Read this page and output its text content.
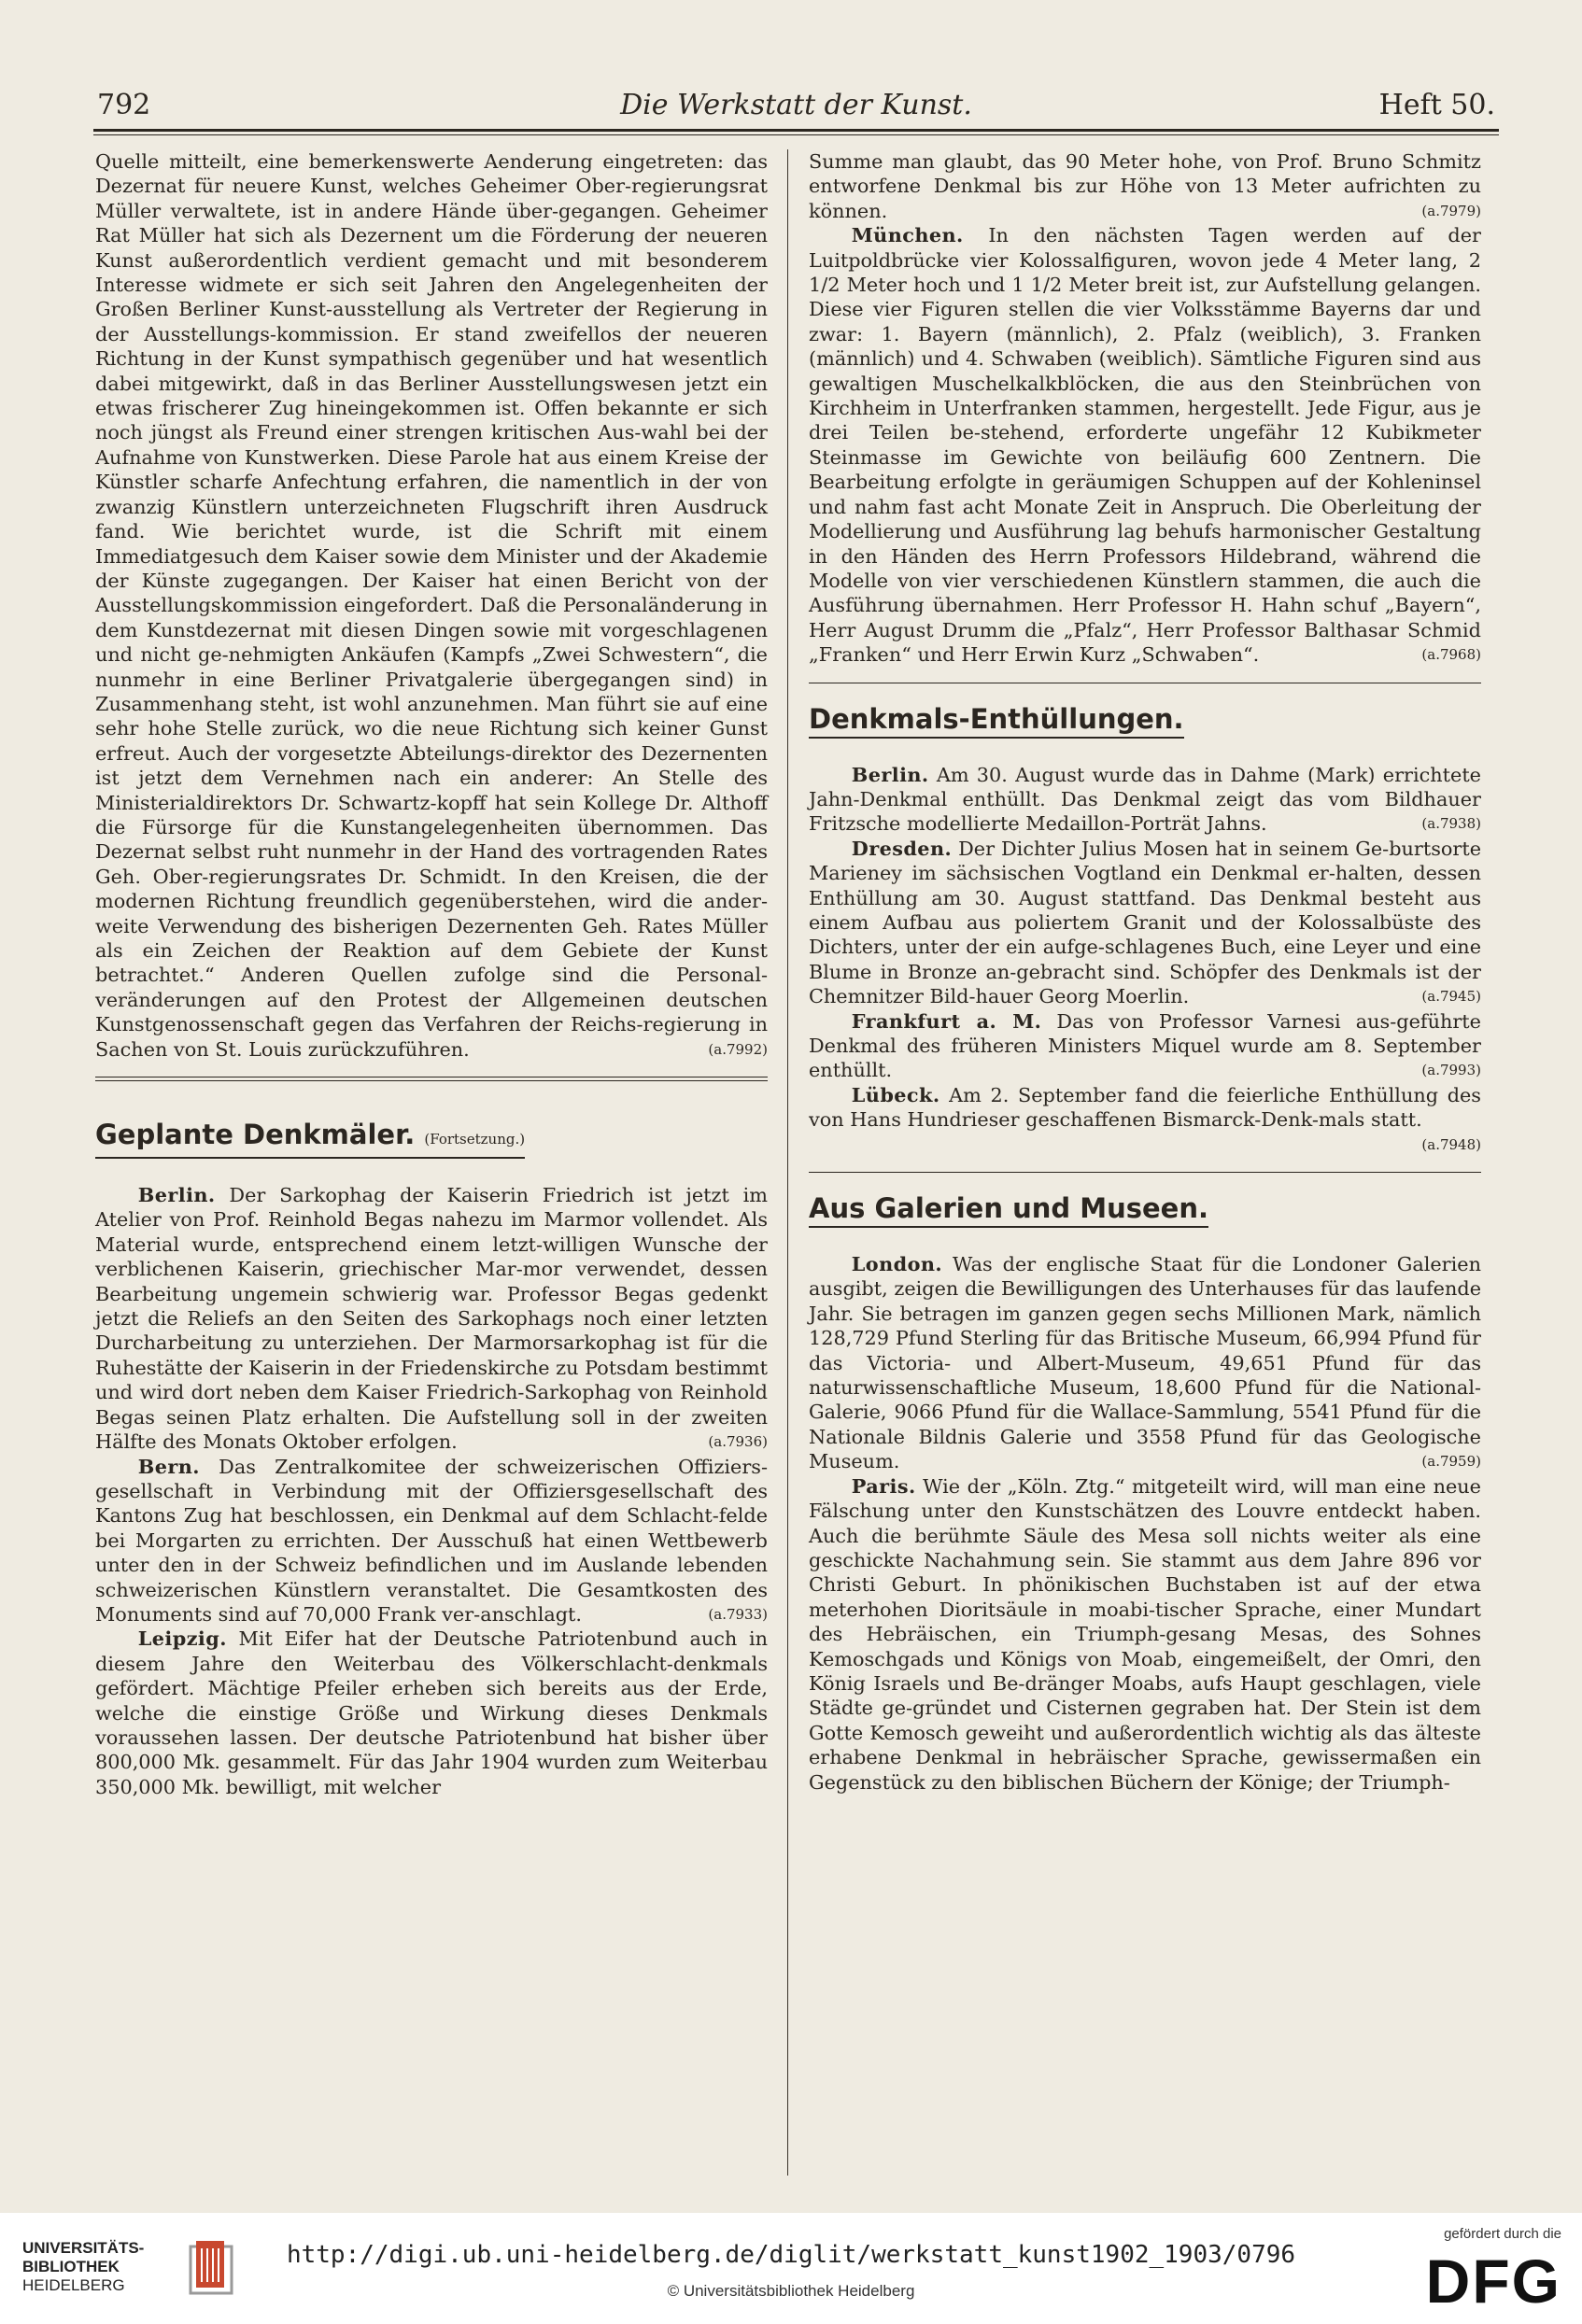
792	Die Werkstatt der Kunst.	Heft 50.

Quelle mitteilt, eine bemerkenswerte Aenderung eingetreten: das Dezernat für neuere Kunst, welches Geheimer Ober-regierungsrat Müller verwaltete, ist in andere Hände über-gegangen. Geheimer Rat Müller hat sich als Dezernent um die Förderung der neueren Kunst außerordentlich verdient gemacht und mit besonderem Interesse widmete er sich seit Jahren den Angelegenheiten der Großen Berliner Kunst-ausstellung als Vertreter der Regierung in der Ausstellungs-kommission. Er stand zweifellos der neueren Richtung in der Kunst sympathisch gegenüber und hat wesentlich dabei mitgewirkt, daß in das Berliner Ausstellungswesen jetzt ein etwas frischerer Zug hineingekommen ist. Offen bekannte er sich noch jüngst als Freund einer strengen kritischen Aus-wahl bei der Aufnahme von Kunstwerken. Diese Parole hat aus einem Kreise der Künstler scharfe Anfechtung erfahren, die namentlich in der von zwanzig Künstlern unterzeichneten Flugschrift ihren Ausdruck fand. Wie berichtet wurde, ist die Schrift mit einem Immediatgesuch dem Kaiser sowie dem Minister und der Akademie der Künste zugegangen. Der Kaiser hat einen Bericht von der Ausstellungskommission eingefordert. Daß die Personaländerung in dem Kunstdezernat mit diesen Dingen sowie mit vorgeschlagenen und nicht ge-nehmigten Ankäufen (Kampfs „Zwei Schwestern“, die nunmehr in eine Berliner Privatgalerie übergegangen sind) in Zusammenhang steht, ist wohl anzunehmen. Man führt sie auf eine sehr hohe Stelle zurück, wo die neue Richtung sich keiner Gunst erfreut. Auch der vorgesetzte Abteilungs-direktor des Dezernenten ist jetzt dem Vernehmen nach ein anderer: An Stelle des Ministerialdirektors Dr. Schwartz-kopff hat sein Kollege Dr. Althoff die Fürsorge für die Kunstangelegenheiten übernommen. Das Dezernat selbst ruht nunmehr in der Hand des vortragenden Rates Geh. Ober-regierungsrates Dr. Schmidt. In den Kreisen, die der modernen Richtung freundlich gegenüberstehen, wird die ander-weite Verwendung des bisherigen Dezernenten Geh. Rates Müller als ein Zeichen der Reaktion auf dem Gebiete der Kunst betrachtet.“ Anderen Quellen zufolge sind die Personal-veränderungen auf den Protest der Allgemeinen deutschen Kunstgenossenschaft gegen das Verfahren der Reichs-regierung in Sachen von St. Louis zurückzuführen.	(a.7992)

Geplante Denkmäler. (Fortsetzung.)

Berlin. Der Sarkophag der Kaiserin Friedrich ist jetzt im Atelier von Prof. Reinhold Begas nahezu im Marmor vollendet. Als Material wurde, entsprechend einem letzt-willigen Wunsche der verblichenen Kaiserin, griechischer Mar-mor verwendet, dessen Bearbeitung ungemein schwierig war. Professor Begas gedenkt jetzt die Reliefs an den Seiten des Sarkophags noch einer letzten Durcharbeitung zu unterziehen. Der Marmorsarkophag ist für die Ruhestätte der Kaiserin in der Friedenskirche zu Potsdam bestimmt und wird dort neben dem Kaiser Friedrich-Sarkophag von Reinhold Begas seinen Platz erhalten. Die Aufstellung soll in der zweiten Hälfte des Monats Oktober erfolgen.	(a.7936)

Bern. Das Zentralkomitee der schweizerischen Offiziers-gesellschaft in Verbindung mit der Offiziersgesellschaft des Kantons Zug hat beschlossen, ein Denkmal auf dem Schlacht-felde bei Morgarten zu errichten. Der Ausschuß hat einen Wettbewerb unter den in der Schweiz befindlichen und im Auslande lebenden schweizerischen Künstlern veranstaltet. Die Gesamtkosten des Monuments sind auf 70,000 Frank ver-anschlagt.	(a.7933)

Leipzig. Mit Eifer hat der Deutsche Patriotenbund auch in diesem Jahre den Weiterbau des Völkerschlacht-denkmals gefördert. Mächtige Pfeiler erheben sich bereits aus der Erde, welche die einstige Größe und Wirkung dieses Denkmals voraussehen lassen. Der deutsche Patriotenbund hat bisher über 800,000 Mk. gesammelt. Für das Jahr 1904 wurden zum Weiterbau 350,000 Mk. bewilligt, mit welcher

Summe man glaubt, das 90 Meter hohe, von Prof. Bruno Schmitz entworfene Denkmal bis zur Höhe von 13 Meter aufrichten zu können.	(a.7979)

München. In den nächsten Tagen werden auf der Luitpoldbrücke vier Kolossalfiguren, wovon jede 4 Meter lang, 2 1/2 Meter hoch und 1 1/2 Meter breit ist, zur Aufstellung gelangen. Diese vier Figuren stellen die vier Volksstämme Bayerns dar und zwar: 1. Bayern (männlich), 2. Pfalz (weiblich), 3. Franken (männlich) und 4. Schwaben (weiblich). Sämtliche Figuren sind aus gewaltigen Muschelkalkblöcken, die aus den Steinbrüchen von Kirchheim in Unterfranken stammen, hergestellt. Jede Figur, aus je drei Teilen be-stehend, erforderte ungefähr 12 Kubikmeter Steinmasse im Gewichte von beiläufig 600 Zentnern. Die Bearbeitung erfolgte in geräumigen Schuppen auf der Kohleninsel und nahm fast acht Monate Zeit in Anspruch. Die Oberleitung der Modellierung und Ausführung lag behufs harmonischer Gestaltung in den Händen des Herrn Professors Hildebrand, während die Modelle von vier verschiedenen Künstlern stammen, die auch die Ausführung übernahmen. Herr Professor H. Hahn schuf „Bayern“, Herr August Drumm die „Pfalz“, Herr Professor Balthasar Schmid „Franken“ und Herr Erwin Kurz „Schwaben“.	(a.7968)

Denkmals-Enthüllungen.

Berlin. Am 30. August wurde das in Dahme (Mark) errichtete Jahn-Denkmal enthüllt. Das Denkmal zeigt das vom Bildhauer Fritzsche modellierte Medaillon-Porträt Jahns.	(a.7938)

Dresden. Der Dichter Julius Mosen hat in seinem Ge-burtsorte Marieney im sächsischen Vogtland ein Denkmal er-halten, dessen Enthüllung am 30. August stattfand. Das Denkmal besteht aus einem Aufbau aus poliertem Granit und der Kolossalbüste des Dichters, unter der ein aufge-schlagenes Buch, eine Leyer und eine Blume in Bronze an-gebracht sind. Schöpfer des Denkmals ist der Chemnitzer Bild-hauer Georg Moerlin.	(a.7945)

Frankfurt a. M. Das von Professor Varnesi aus-geführte Denkmal des früheren Ministers Miquel wurde am 8. September enthüllt.	(a.7993)

Lübeck. Am 2. September fand die feierliche Enthüllung des von Hans Hundrieser geschaffenen Bismarck-Denk-mals statt.
(a.7948)

Aus Galerien und Museen.

London. Was der englische Staat für die Londoner Galerien ausgibt, zeigen die Bewilligungen des Unterhauses für das laufende Jahr. Sie betragen im ganzen gegen sechs Millionen Mark, nämlich 128,729 Pfund Sterling für das Britische Museum, 66,994 Pfund für das Victoria- und Albert-Museum, 49,651 Pfund für das naturwissenschaftliche Museum, 18,600 Pfund für die National-Galerie, 9066 Pfund für die Wallace-Sammlung, 5541 Pfund für die Nationale Bildnis Galerie und 3558 Pfund für das Geologische Museum.	(a.7959)

Paris. Wie der „Köln. Ztg.“ mitgeteilt wird, will man eine neue Fälschung unter den Kunstschätzen des Louvre entdeckt haben. Auch die berühmte Säule des Mesa soll nichts weiter als eine geschickte Nachahmung sein. Sie stammt aus dem Jahre 896 vor Christi Geburt. In phönikischen Buchstaben ist auf der etwa meterhohen Dioritsäule in moabi-tischer Sprache, einer Mundart des Hebräischen, ein Triumph-gesang Mesas, des Sohnes Kemoschgads und Königs von Moab, eingemeißelt, der Omri, den König Israels und Be-dränger Moabs, aufs Haupt geschlagen, viele Städte ge-gründet und Cisternen gegraben hat. Der Stein ist dem Gotte Kemosch geweiht und außerordentlich wichtig als das älteste erhabene Denkmal in hebräischer Sprache, gewissermaßen ein Gegenstück zu den biblischen Büchern der Könige; der Triumph-

UNIVERSITÄTS-
BIBLIOTHEK
HEIDELBERG
http://digi.ub.uni-heidelberg.de/diglit/werkstatt_kunst1902_1903/0796
© Universitätsbibliothek Heidelberg
gefördert durch die
DFG
